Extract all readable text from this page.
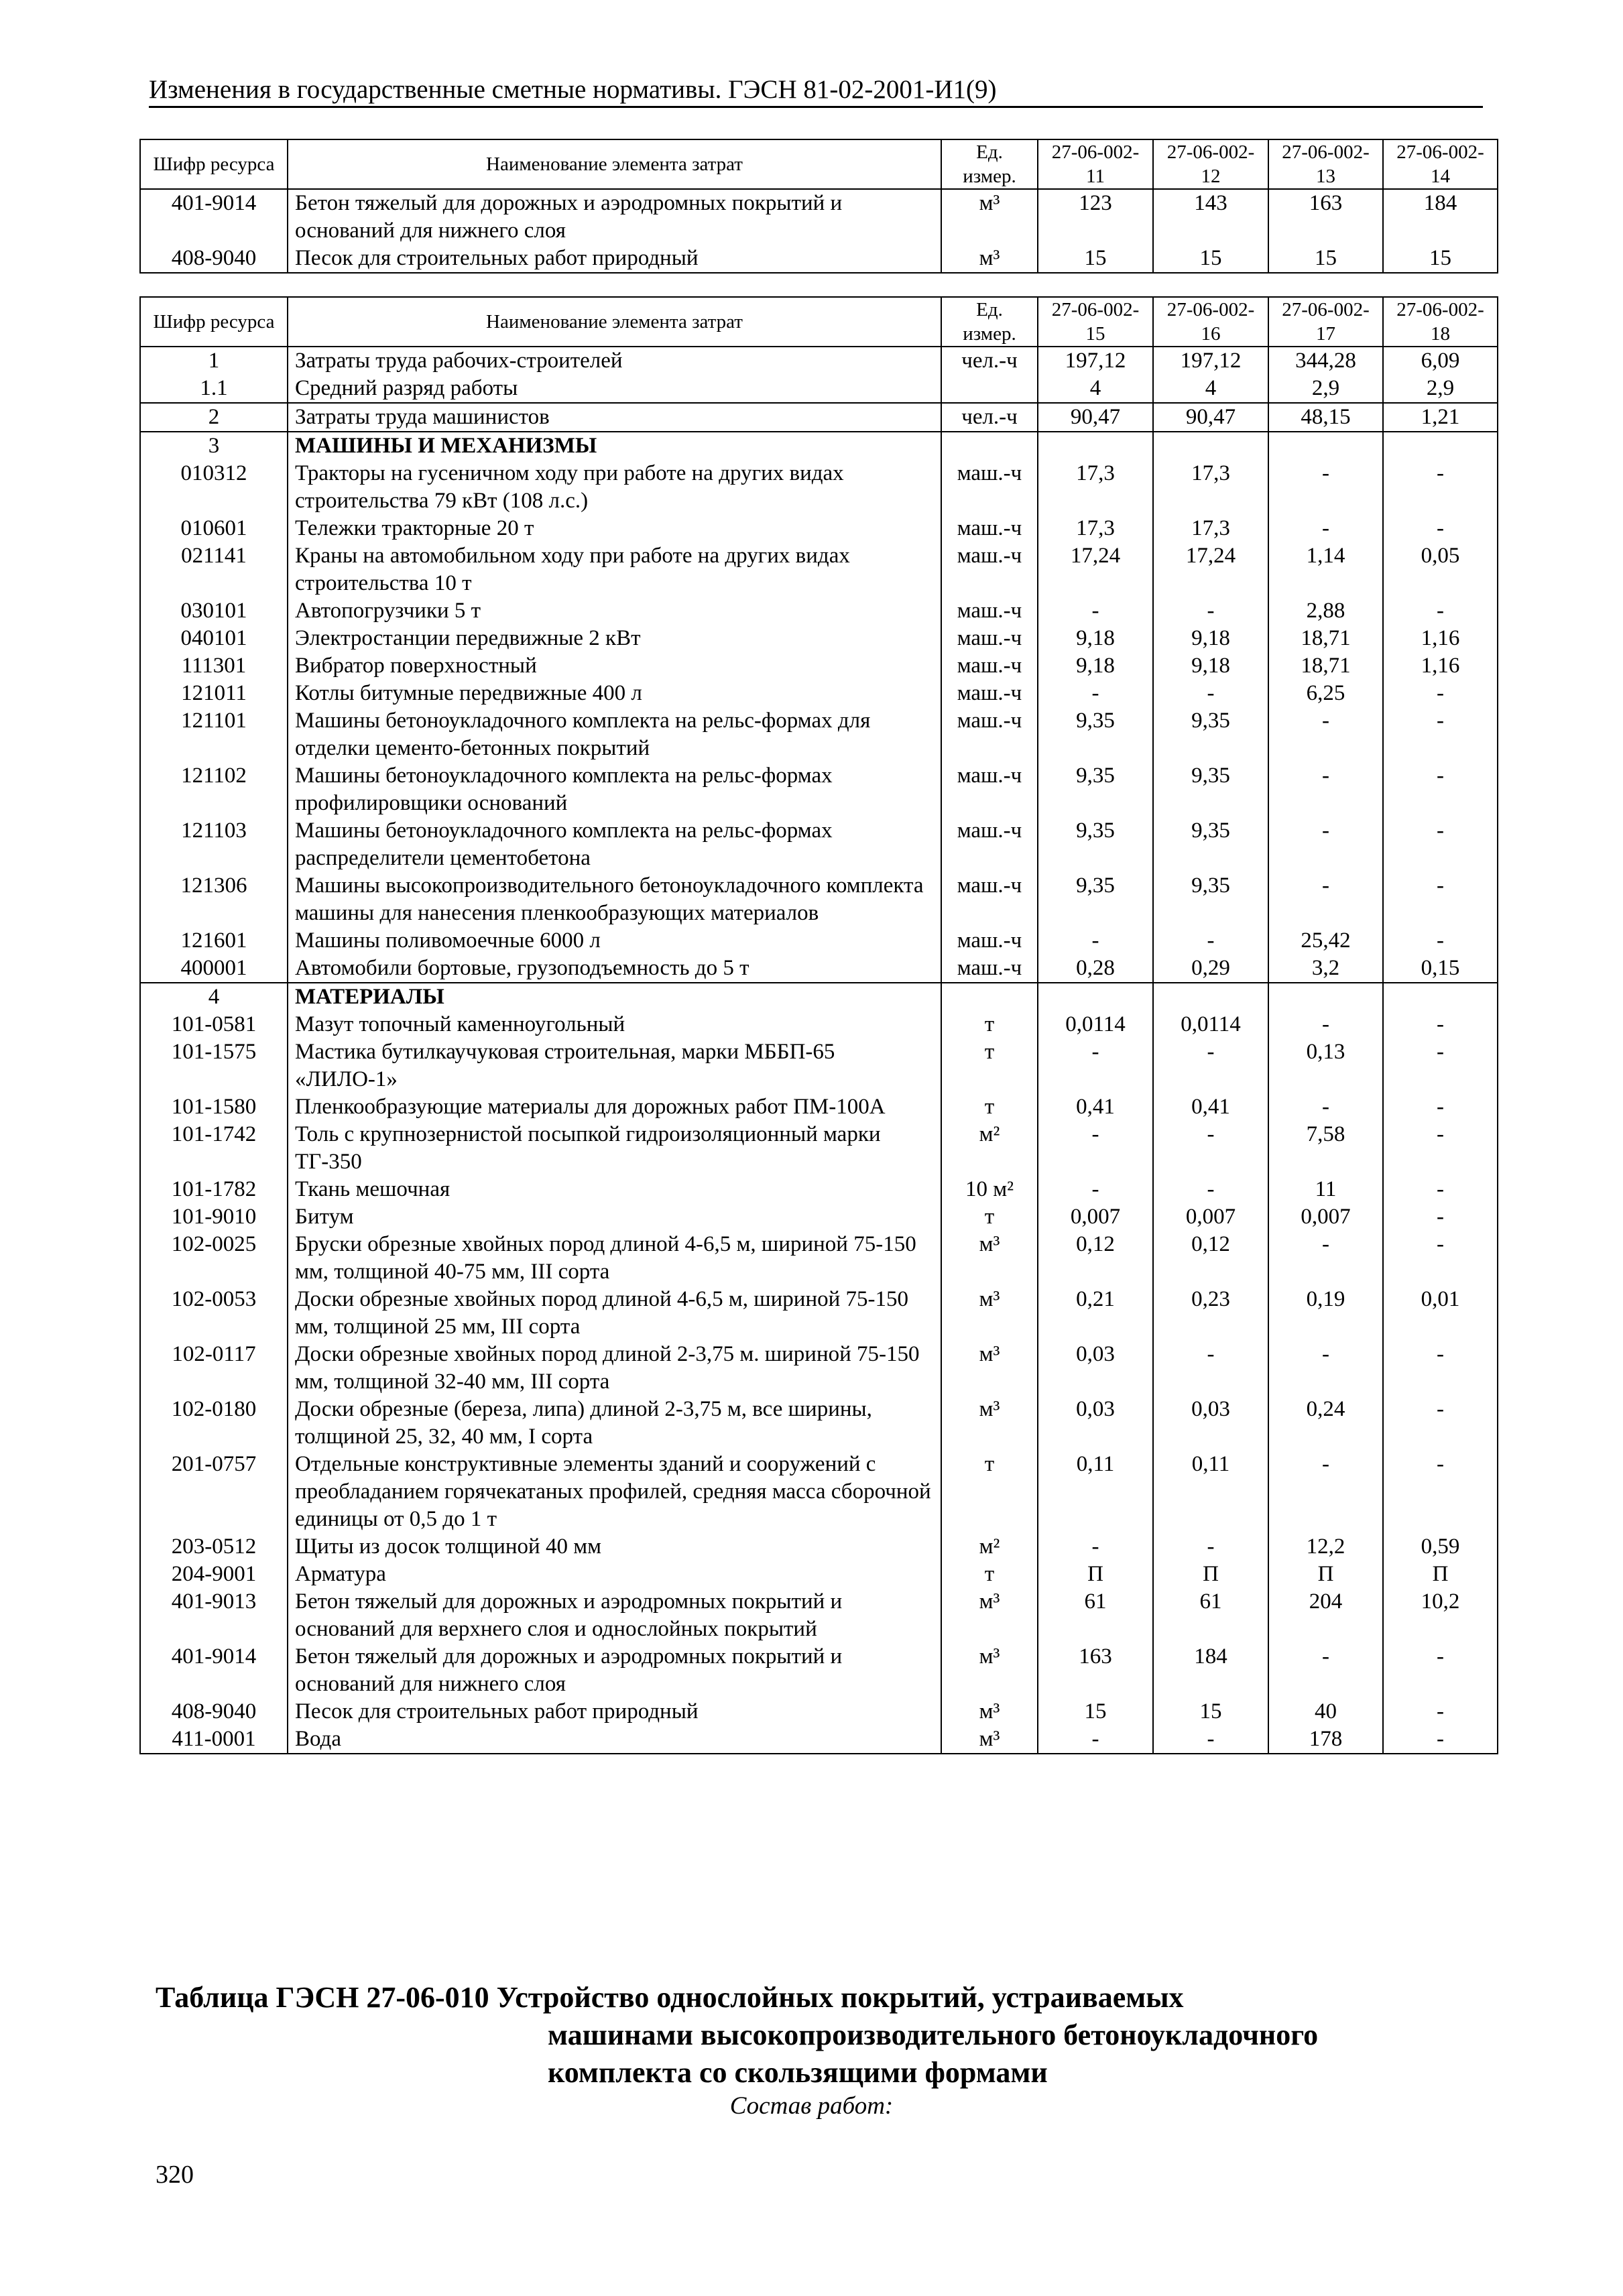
Изменения в государственные сметные нормативы. ГЭСН 81-02-2001-И1(9)
Шифр ресурса	Наименование элемента затрат	Ед. измер.	27-06-002-11	27-06-002-12	27-06-002-13	27-06-002-14
401-9014	Бетон тяжелый для дорожных и аэродромных покрытий и оснований для нижнего слоя	м³	123	143	163	184
408-9040	Песок для строительных работ природный	м³	15	15	15	15
Шифр ресурса	Наименование элемента затрат	Ед. измер.	27-06-002-15	27-06-002-16	27-06-002-17	27-06-002-18
1	Затраты труда рабочих-строителей	чел.-ч	197,12	197,12	344,28	6,09
1.1	Средний разряд работы		4	4	2,9	2,9
2	Затраты труда машинистов	чел.-ч	90,47	90,47	48,15	1,21
3	МАШИНЫ И МЕХАНИЗМЫ					
010312	Тракторы на гусеничном ходу при работе на других видах строительства 79 кВт (108 л.с.)	маш.-ч	17,3	17,3	-	-
010601	Тележки тракторные 20 т	маш.-ч	17,3	17,3	-	-
021141	Краны на автомобильном ходу при работе на других видах строительства 10 т	маш.-ч	17,24	17,24	1,14	0,05
030101	Автопогрузчики 5 т	маш.-ч	-	-	2,88	-
040101	Электростанции передвижные 2 кВт	маш.-ч	9,18	9,18	18,71	1,16
111301	Вибратор поверхностный	маш.-ч	9,18	9,18	18,71	1,16
121011	Котлы битумные передвижные 400 л	маш.-ч	-	-	6,25	-
121101	Машины бетоноукладочного комплекта на рельс-формах для отделки цементо-бетонных покрытий	маш.-ч	9,35	9,35	-	-
121102	Машины бетоноукладочного комплекта на рельс-формах профилировщики оснований	маш.-ч	9,35	9,35	-	-
121103	Машины бетоноукладочного комплекта на рельс-формах распределители цементобетона	маш.-ч	9,35	9,35	-	-
121306	Машины высокопроизводительного бетоноукладочного комплекта машины для нанесения пленкообразующих материалов	маш.-ч	9,35	9,35	-	-
121601	Машины поливомоечные 6000 л	маш.-ч	-	-	25,42	-
400001	Автомобили бортовые, грузоподъемность до 5 т	маш.-ч	0,28	0,29	3,2	0,15
4	МАТЕРИАЛЫ					
101-0581	Мазут топочный каменноугольный	т	0,0114	0,0114	-	-
101-1575	Мастика бутилкаучуковая строительная, марки МББП-65 «ЛИЛО-1»	т	-	-	0,13	-
101-1580	Пленкообразующие материалы для дорожных работ ПМ-100А	т	0,41	0,41	-	-
101-1742	Толь с крупнозернистой посыпкой гидроизоляционный марки ТГ-350	м²	-	-	7,58	-
101-1782	Ткань мешочная	10 м²	-	-	11	-
101-9010	Битум	т	0,007	0,007	0,007	-
102-0025	Бруски обрезные хвойных пород длиной 4-6,5 м, шириной 75-150 мм, толщиной 40-75 мм, III сорта	м³	0,12	0,12	-	-
102-0053	Доски обрезные хвойных пород длиной 4-6,5 м, шириной 75-150 мм, толщиной 25 мм, III сорта	м³	0,21	0,23	0,19	0,01
102-0117	Доски обрезные хвойных пород длиной 2-3,75 м. шириной 75-150 мм, толщиной 32-40 мм, III сорта	м³	0,03	-	-	-
102-0180	Доски обрезные (береза, липа) длиной 2-3,75 м, все ширины, толщиной 25, 32, 40 мм, I сорта	м³	0,03	0,03	0,24	-
201-0757	Отдельные конструктивные элементы зданий и сооружений с преобладанием горячекатаных профилей, средняя масса сборочной единицы от 0,5 до 1 т	т	0,11	0,11	-	-
203-0512	Щиты из досок толщиной 40 мм	м²	-	-	12,2	0,59
204-9001	Арматура	т	П	П	П	П
401-9013	Бетон тяжелый для дорожных и аэродромных покрытий и оснований для верхнего слоя и однослойных покрытий	м³	61	61	204	10,2
401-9014	Бетон тяжелый для дорожных и аэродромных покрытий и оснований для нижнего слоя	м³	163	184	-	-
408-9040	Песок для строительных работ природный	м³	15	15	40	-
411-0001	Вода	м³	-	-	178	-
Таблица ГЭСН 27-06-010 Устройство однослойных покрытий, устраиваемых
машинами высокопроизводительного бетоноукладочного
комплекта со скользящими формами
Состав работ:
320
